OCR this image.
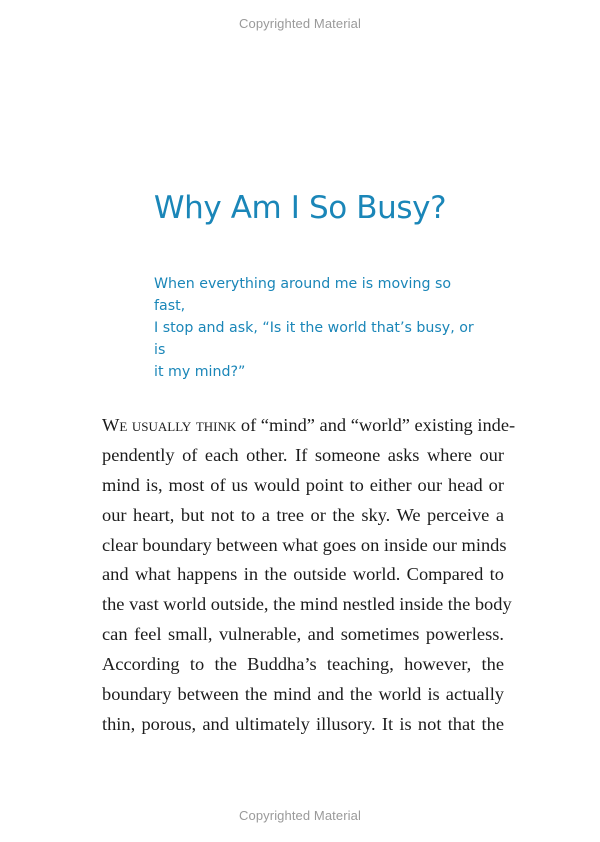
Copyrighted Material
Why Am I So Busy?
When everything around me is moving so fast,
I stop and ask, “Is it the world that’s busy, or is
it my mind?”
We usually think of “mind” and “world” existing inde-
pendently of each other. If someone asks where our
mind is, most of us would point to either our head or
our heart, but not to a tree or the sky. We perceive a
clear boundary between what goes on inside our minds
and what happens in the outside world. Compared to
the vast world outside, the mind nestled inside the body
can feel small, vulnerable, and sometimes powerless.
According to the Buddha’s teaching, however, the
boundary between the mind and the world is actually
thin, porous, and ultimately illusory. It is not that the
Copyrighted Material
